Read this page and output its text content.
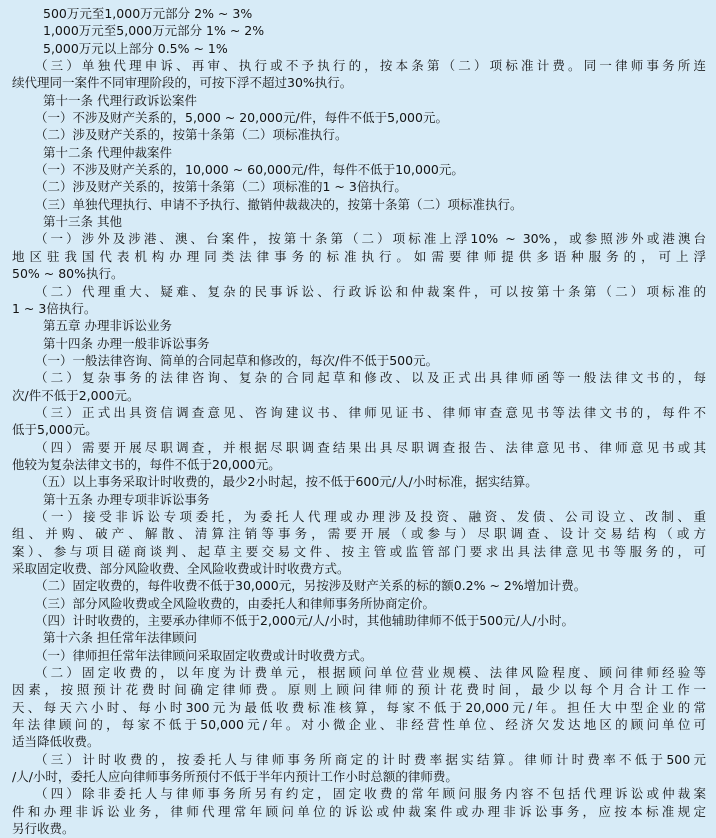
500万元至1,000万元部分 2% ~ 3%
1,000万元至5,000万元部分 1% ~ 2%
5,000万元以上部分 0.5% ~ 1%
（三）单独代理申诉、再审、执行或不予执行的，按本条第（二）项标准计费。同一律师事务所连
续代理同一案件不同审理阶段的，可按下浮不超过30%执行。
第十一条 代理行政诉讼案件
（一）不涉及财产关系的，5,000 ~ 20,000元/件，每件不低于5,000元。
（二）涉及财产关系的，按第十条第（二）项标准执行。
第十二条 代理仲裁案件
（一）不涉及财产关系的，10,000 ~ 60,000元/件，每件不低于10,000元。
（二）涉及财产关系的，按第十条第（二）项标准的1 ~ 3倍执行。
（三）单独代理执行、申请不予执行、撤销仲裁裁决的，按第十条第（二）项标准执行。
第十三条 其他
（一）涉外及涉港、澳、台案件，按第十条第（二）项标准上浮10% ~ 30%，或参照涉外或港澳台
地区驻我国代表机构办理同类法律事务的标准执行。如需要律师提供多语种服务的，可上浮
50% ~ 80%执行。
（二）代理重大、疑难、复杂的民事诉讼、行政诉讼和仲裁案件，可以按第十条第（二）项标准的
1 ~ 3倍执行。
第五章 办理非诉讼业务
第十四条 办理一般非诉讼事务
（一）一般法律咨询、简单的合同起草和修改的，每次/件不低于500元。
（二）复杂事务的法律咨询、复杂的合同起草和修改、以及正式出具律师函等一般法律文书的，每
次/件不低于2,000元。
（三）正式出具资信调查意见、咨询建议书、律师见证书、律师审查意见书等法律文书的，每件不
低于5,000元。
（四）需要开展尽职调查，并根据尽职调查结果出具尽职调查报告、法律意见书、律师意见书或其
他较为复杂法律文书的，每件不低于20,000元。
（五）以上事务采取计时收费的，最少2小时起，按不低于600元/人/小时标准，据实结算。
第十五条 办理专项非诉讼事务
（一）接受非诉讼专项委托，为委托人代理或办理涉及投资、融资、发债、公司设立、改制、重
组、并购、破产、解散、清算注销等事务，需要开展（或参与）尽职调查、设计交易结构（或方
案）、参与项目磋商谈判、起草主要交易文件、按主管或监管部门要求出具法律意见书等服务的，可
采取固定收费、部分风险收费、全风险收费或计时收费方式。
（二）固定收费的，每件收费不低于30,000元，另按涉及财产关系的标的额0.2% ~ 2%增加计费。
（三）部分风险收费或全风险收费的，由委托人和律师事务所协商定价。
（四）计时收费的，主要承办律师不低于2,000元/人/小时，其他辅助律师不低于500元/人/小时。
第十六条 担任常年法律顾问
（一）律师担任常年法律顾问采取固定收费或计时收费方式。
（二）固定收费的，以年度为计费单元，根据顾问单位营业规模、法律风险程度、顾问律师经验等
因素，按照预计花费时间确定律师费。原则上顾问律师的预计花费时间，最少以每个月合计工作一
天、每天六小时、每小时300元为最低收费标准核算，每家不低于20,000元/年。担任大中型企业的常
年法律顾问的，每家不低于50,000元/年。对小微企业、非经营性单位、经济欠发达地区的顾问单位可
适当降低收费。
（三）计时收费的，按委托人与律师事务所商定的计时费率据实结算。律师计时费率不低于500元
/人/小时，委托人应向律师事务所预付不低于半年内预计工作小时总额的律师费。
（四）除非委托人与律师事务所另有约定，固定收费的常年顾问服务内容不包括代理诉讼或仲裁案
件和办理非诉讼业务，律师代理常年顾问单位的诉讼或仲裁案件或办理非诉讼事务，应按本标准规定
另行收费。
